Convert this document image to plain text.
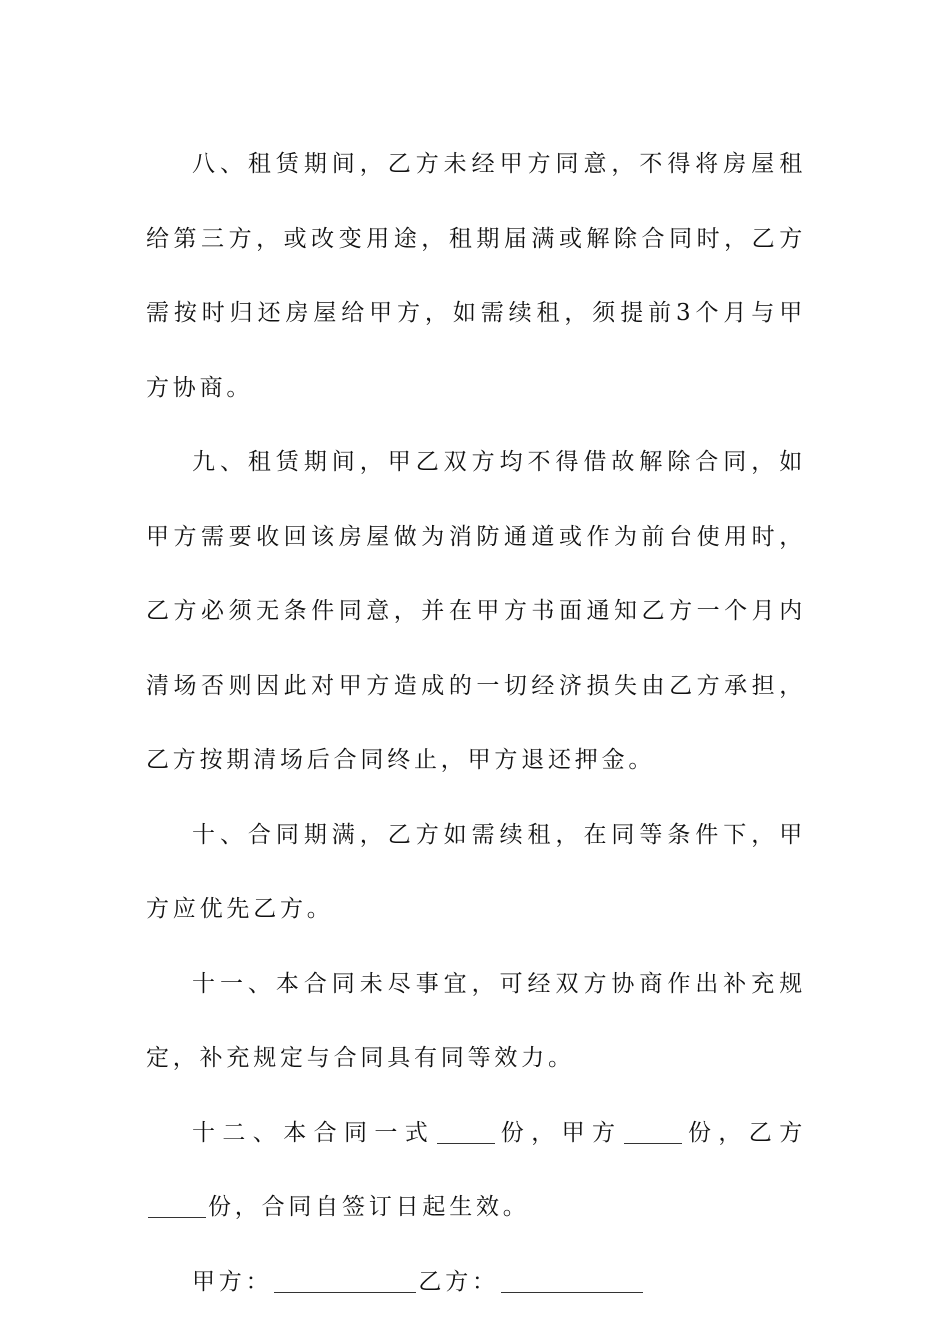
八、租赁期间，乙方未经甲方同意，不得将房屋租给第三方，或改变用途，租期届满或解除合同时，乙方需按时归还房屋给甲方，如需续租，须提前3个月与甲方协商。

九、租赁期间，甲乙双方均不得借故解除合同，如甲方需要收回该房屋做为消防通道或作为前台使用时，乙方必须无条件同意，并在甲方书面通知乙方一个月内清场否则因此对甲方造成的一切经济损失由乙方承担，乙方按期清场后合同终止，甲方退还押金。

十、合同期满，乙方如需续租，在同等条件下，甲方应优先乙方。

十一、本合同未尽事宜，可经双方协商作出补充规定，补充规定与合同具有同等效力。

十二、本合同一式	份，甲方	份，乙方份，合同自签订日起生效。

甲方：	乙方：
